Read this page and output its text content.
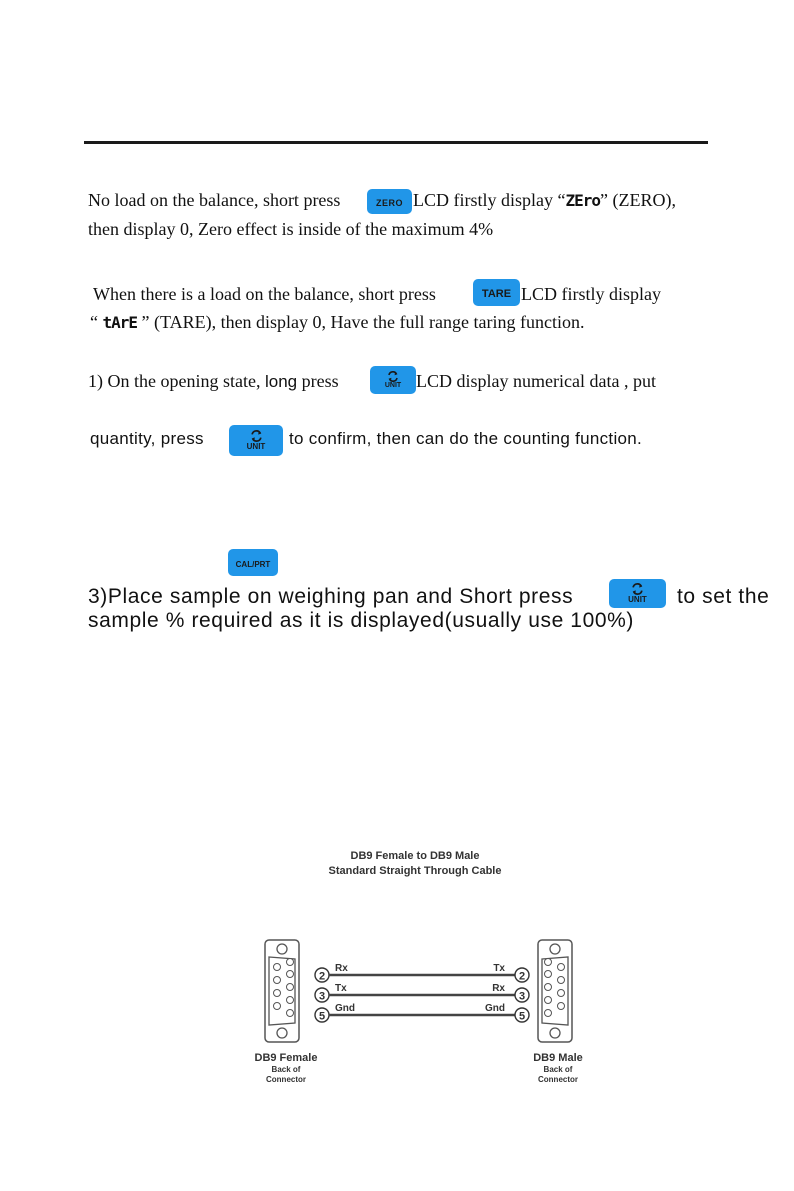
No load on the balance, short press	ZERO LCD firstly display “ZEro” (ZERO),
then display 0, Zero effect is inside of the maximum 4%
When there is a load on the balance, short press	TARE LCD firstly display
“ tArE ” (TARE), then display 0, Have the full range taring function.
1) On the opening state, long press	UNIT LCD display numerical data , put
quantity, press	UNIT to confirm, then can do the counting function.
CAL/PRT
3)Place sample on weighing pan and Short press	UNIT to set the
sample % required as it is displayed(usually use 100%)
DB9 Female to DB9 Male
Standard Straight Through Cable
2	2
Rx	Tx
3	3
Tx	Rx
5	5
Gnd	Gnd
DB9 Female
Back of
Connector
DB9 Male
Back of
Connector
